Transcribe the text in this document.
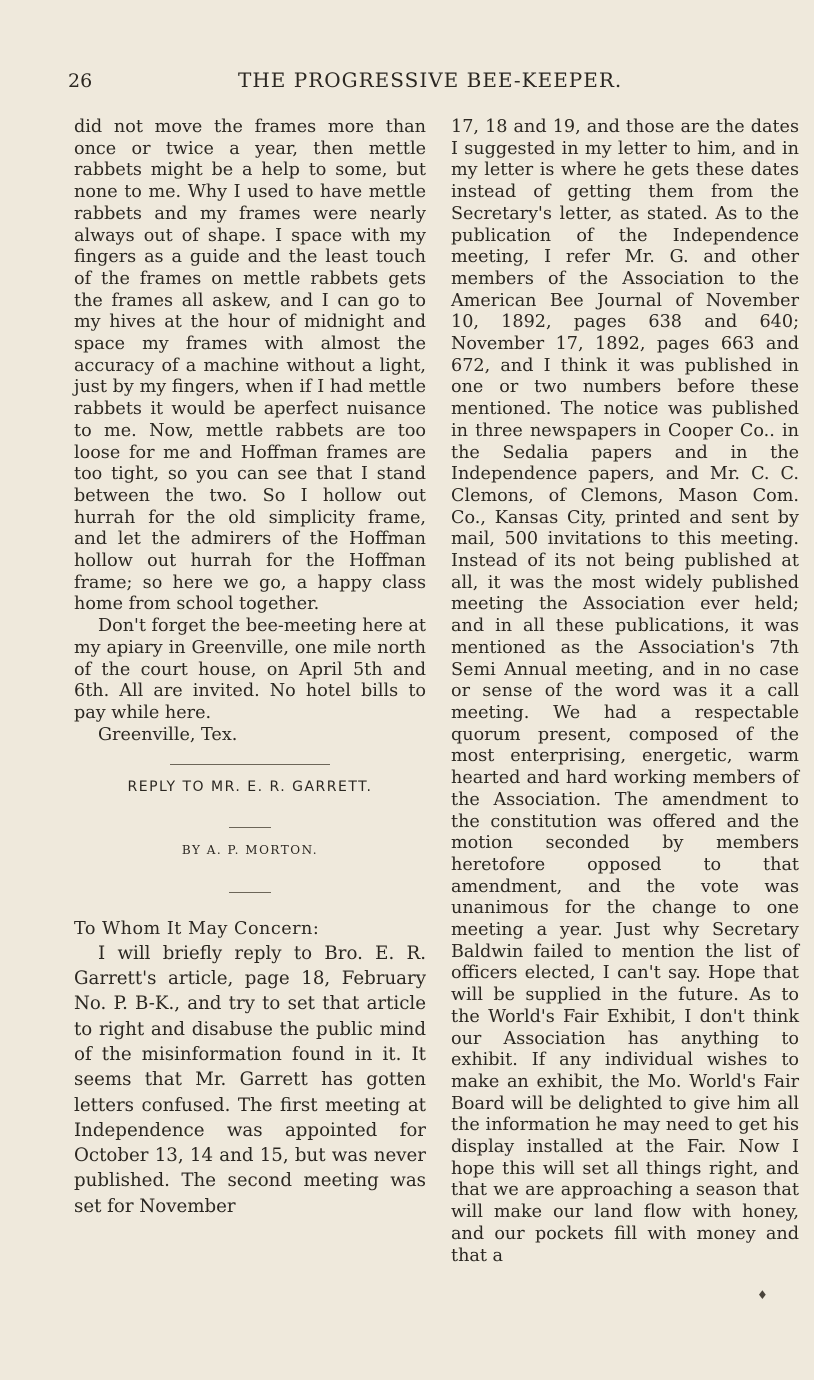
26	THE PROGRESSIVE BEE-KEEPER.

did not move the frames more than once or twice a year, then mettle rabbets might be a help to some, but none to me. Why I used to have mettle rabbets and my frames were nearly always out of shape. I space with my fingers as a guide and the least touch of the frames on mettle rabbets gets the frames all askew, and I can go to my hives at the hour of midnight and space my frames with almost the accuracy of a machine without a light, just by my fingers, when if I had mettle rabbets it would be aperfect nuisance to me. Now, mettle rabbets are too loose for me and Hoffman frames are too tight, so you can see that I stand between the two. So I hollow out hurrah for the old simplicity frame, and let the admirers of the Hoffman hollow out hurrah for the Hoffman frame; so here we go, a happy class home from school together.

Don't forget the bee-meeting here at my apiary in Greenville, one mile north of the court house, on April 5th and 6th. All are invited. No hotel bills to pay while here.

Greenville, Tex.

REPLY TO MR. E. R. GARRETT.

BY A. P. MORTON.

To Whom It May Concern:

I will briefly reply to Bro. E. R. Garrett's article, page 18, February No. P. B-K., and try to set that article to right and disabuse the public mind of the misinformation found in it. It seems that Mr. Garrett has gotten letters confused. The first meeting at Independence was appointed for October 13, 14 and 15, but was never published. The second meeting was set for November

17, 18 and 19, and those are the dates I suggested in my letter to him, and in my letter is where he gets these dates instead of getting them from the Secretary's letter, as stated. As to the publication of the Independence meeting, I refer Mr. G. and other members of the Association to the American Bee Journal of November 10, 1892, pages 638 and 640; November 17, 1892, pages 663 and 672, and I think it was published in one or two numbers before these mentioned. The notice was published in three newspapers in Cooper Co.. in the Sedalia papers and in the Independence papers, and Mr. C. C. Clemons, of Clemons, Mason Com. Co., Kansas City, printed and sent by mail, 500 invitations to this meeting. Instead of its not being published at all, it was the most widely published meeting the Association ever held; and in all these publications, it was mentioned as the Association's 7th Semi Annual meeting, and in no case or sense of the word was it a call meeting. We had a respectable quorum present, composed of the most enterprising, energetic, warm hearted and hard working members of the Association. The amendment to the constitution was offered and the motion seconded by members heretofore opposed to that amendment, and the vote was unanimous for the change to one meeting a year. Just why Secretary Baldwin failed to mention the list of officers elected, I can't say. Hope that will be supplied in the future. As to the World's Fair Exhibit, I don't think our Association has anything to exhibit. If any individual wishes to make an exhibit, the Mo. World's Fair Board will be delighted to give him all the information he may need to get his display installed at the Fair. Now I hope this will set all things right, and that we are approaching a season that will make our land flow with honey, and our pockets fill with money and that a

♦
